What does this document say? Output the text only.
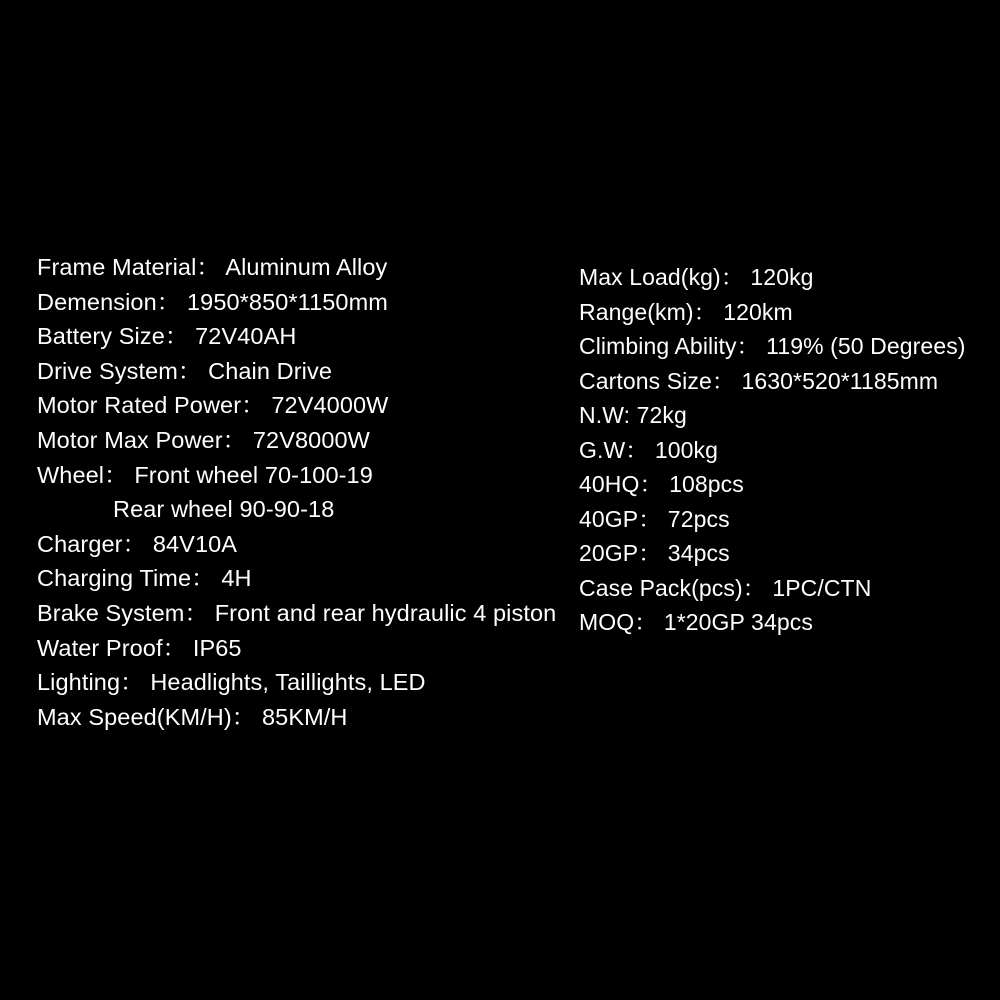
Frame Material： Aluminum Alloy
Demension： 1950*850*1150mm
Battery Size： 72V40AH
Drive System： Chain Drive
Motor Rated Power： 72V4000W
Motor Max Power： 72V8000W
Wheel： Front wheel 70-100-19
Rear wheel 90-90-18
Charger： 84V10A
Charging Time： 4H
Brake System： Front and rear hydraulic 4 piston
Water Proof： IP65
Lighting： Headlights, Taillights, LED
Max Speed(KM/H)： 85KM/H
Max Load(kg)： 120kg
Range(km)： 120km
Climbing Ability： 119% (50 Degrees)
Cartons Size： 1630*520*1185mm
N.W: 72kg
G.W： 100kg
40HQ： 108pcs
40GP： 72pcs
20GP： 34pcs
Case Pack(pcs)： 1PC/CTN
MOQ： 1*20GP 34pcs
